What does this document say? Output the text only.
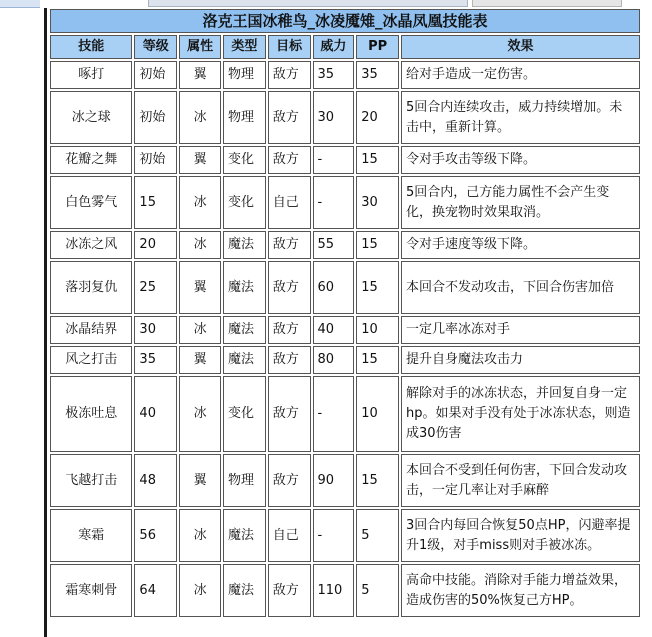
洛克王国冰稚鸟_冰凌魇雉_冰晶凤凰技能表							
技能	等级	属性	类型	目标	威力	PP	效果
啄打	初始	翼	物理	敌方	35	35	给对手造成一定伤害。
冰之球	初始	冰	物理	敌方	30	20	5回合内连续攻击，威力持续增加。未击中，重新计算。
花瓣之舞	初始	翼	变化	敌方	-	15	令对手攻击等级下降。
白色雾气	15	冰	变化	自己	-	30	5回合内，己方能力属性不会产生变化，换宠物时效果取消。
冰冻之风	20	冰	魔法	敌方	55	15	令对手速度等级下降。
落羽复仇	25	翼	魔法	敌方	60	15	本回合不发动攻击，下回合伤害加倍
冰晶结界	30	冰	魔法	敌方	40	10	一定几率冰冻对手
风之打击	35	翼	魔法	敌方	80	15	提升自身魔法攻击力
极冻吐息	40	冰	变化	敌方	-	10	解除对手的冰冻状态，并回复自身一定hp。如果对手没有处于冰冻状态，则造成30伤害
飞越打击	48	翼	物理	敌方	90	15	本回合不受到任何伤害，下回合发动攻击，一定几率让对手麻醉
寒霜	56	冰	魔法	自己	-	5	3回合内每回合恢复50点HP，闪避率提升1级，对手miss则对手被冰冻。
霜寒刺骨	64	冰	魔法	敌方	110	5	高命中技能。消除对手能力增益效果，造成伤害的50%恢复己方HP。
